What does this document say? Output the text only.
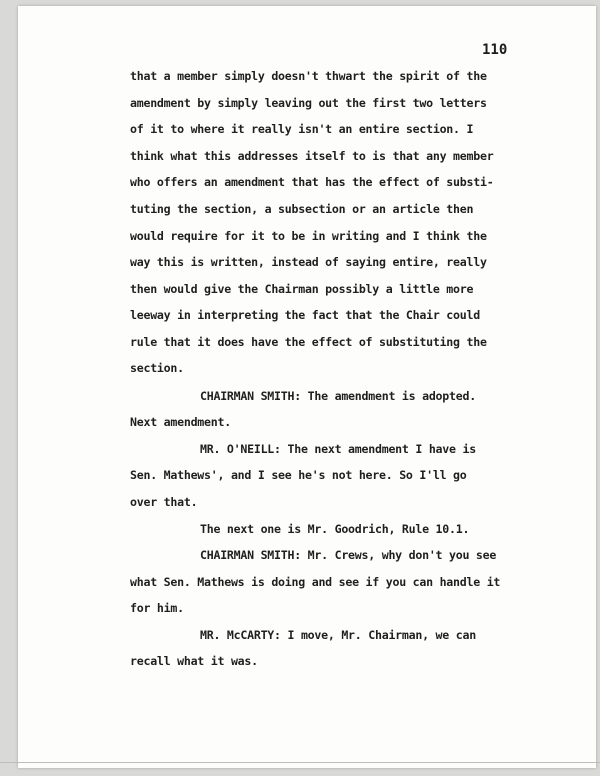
110
that a member simply doesn't thwart the spirit of the
amendment by simply leaving out the first two letters
of it to where it really isn't an entire section. I
think what this addresses itself to is that any member
who offers an amendment that has the effect of substi-
tuting the section, a subsection or an article then
would require for it to be in writing and I think the
way this is written, instead of saying entire, really
then would give the Chairman possibly a little more
leeway in interpreting the fact that the Chair could
rule that it does have the effect of substituting the
section.
CHAIRMAN SMITH: The amendment is adopted.
Next amendment.
MR. O'NEILL: The next amendment I have is
Sen. Mathews', and I see he's not here. So I'll go
over that.
The next one is Mr. Goodrich, Rule 10.1.
CHAIRMAN SMITH: Mr. Crews, why don't you see
what Sen. Mathews is doing and see if you can handle it
for him.
MR. McCARTY: I move, Mr. Chairman, we can
recall what it was.
